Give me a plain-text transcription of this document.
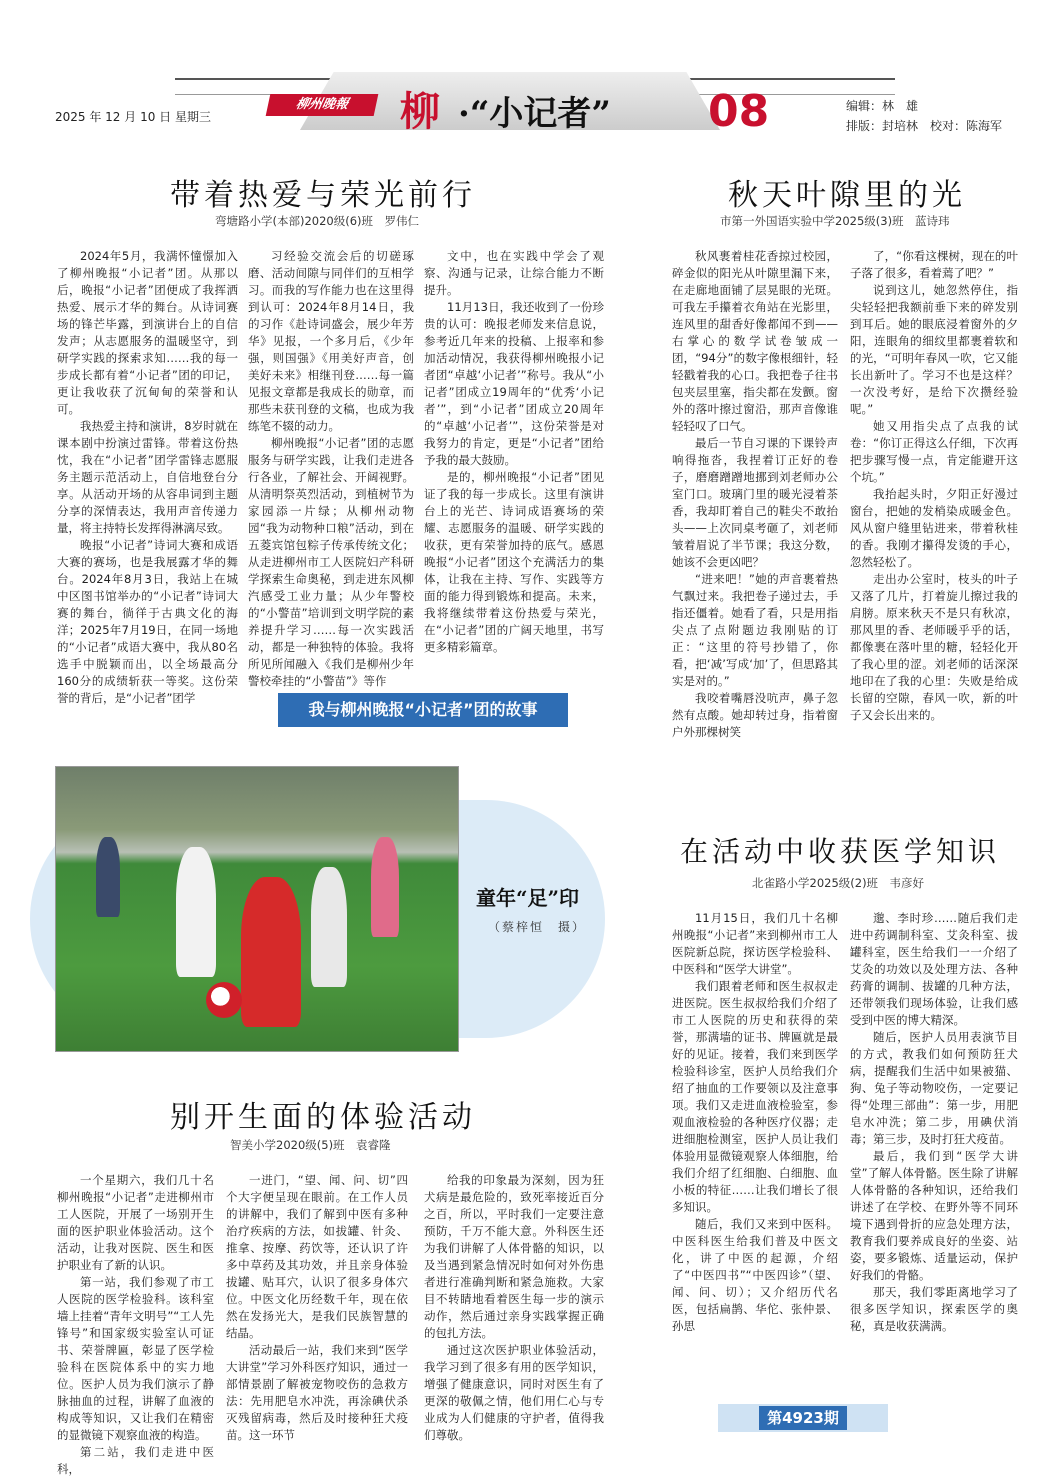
2025 年 12 月 10 日 星期三
柳州晚報	柳 ·“小记者” 08	编辑：林　雄
排版：封培林　校对：陈海军
带着热爱与荣光前行
弯塘路小学(本部)2020级(6)班　罗伟仁

2024年5月，我满怀憧憬加入了柳州晚报“小记者”团。从那以后，晚报“小记者”团便成了我挥洒热爱、展示才华的舞台。从诗词赛场的锋芒毕露，到演讲台上的自信发声；从志愿服务的温暖坚守，到研学实践的探索求知……我的每一步成长都有着“小记者”团的印记，更让我收获了沉甸甸的荣誉和认可。

我热爱主持和演讲，8岁时就在课本剧中扮演过雷锋。带着这份热忱，我在“小记者”团学雷锋志愿服务主题示范活动上，自信地登台分享。从活动开场的从容串词到主题分享的深情表达，我用声音传递力量，将主持特长发挥得淋漓尽致。

晚报“小记者”诗词大赛和成语大赛的赛场，也是我展露才华的舞台。2024年8月3日，我站上在城中区图书馆举办的“小记者”诗词大赛的舞台，徜徉于古典文化的海洋；2025年7月19日，在同一场地的“小记者”成语大赛中，我从80名选手中脱颖而出，以全场最高分160分的成绩斩获一等奖。这份荣誉的背后，是“小记者”团学

习经验交流会后的切磋琢磨、活动间隙与同伴们的互相学习。而我的写作能力也在这里得到认可：2024年8月14日，我的习作《赴诗词盛会，展少年芳华》见报，一个多月后，《少年强，则国强》《用美好声音，创美好未来》相继刊登……每一篇见报文章都是我成长的勋章，而那些未获刊登的文稿，也成为我练笔不辍的动力。

柳州晚报“小记者”团的志愿服务与研学实践，让我们走进各行各业，了解社会、开阔视野。从清明祭英烈活动，到植树节为家园添一片绿；从柳州动物园“我为动物种口粮”活动，到在五菱宾馆包粽子传承传统文化；从走进柳州市工人医院妇产科研学探索生命奥秘，到走进东风柳汽感受工业力量；从少年警校的“小警苗”培训到文明学院的素养提升学习……每一次实践活动，都是一种独特的体验。我将所见所闻融入《我们是柳州少年警校牵挂的“小警苗”》等作

文中，也在实践中学会了观察、沟通与记录，让综合能力不断提升。

11月13日，我还收到了一份珍贵的认可：晚报老师发来信息说，参考近几年来的投稿、上报率和参加活动情况，我获得柳州晚报小记者团“卓越‘小记者’”称号。我从“小记者”团成立19周年的“优秀‘小记者’”，到“小记者”团成立20周年的“卓越‘小记者’”，这份荣誉是对我努力的肯定，更是“小记者”团给予我的最大鼓励。

是的，柳州晚报“小记者”团见证了我的每一步成长。这里有演讲台上的光芒、诗词成语赛场的荣耀、志愿服务的温暖、研学实践的收获，更有荣誉加持的底气。感恩晚报“小记者”团这个充满活力的集体，让我在主持、写作、实践等方面的能力得到锻炼和提高。未来，我将继续带着这份热爱与荣光，在“小记者”团的广阔天地里，书写更多精彩篇章。

我与柳州晚报“小记者”团的故事
秋天叶隙里的光
市第一外国语实验中学2025级(3)班　蓝诗玮

秋风裹着桂花香掠过校园，碎金似的阳光从叶隙里漏下来，在走廊地面铺了层晃眼的光斑。可我左手攥着衣角站在光影里，连风里的甜香好像都闻不到——右掌心的数学试卷皱成一团，“94分”的数字像根细针，轻轻戳着我的心口。我把卷子往书包夹层里塞，指尖都在发颤。窗外的落叶擦过窗沿，那声音像谁轻轻叹了口气。

最后一节自习课的下课铃声响得拖沓，我捏着订正好的卷子，磨磨蹭蹭地挪到刘老师办公室门口。玻璃门里的暖光浸着茶香，我却盯着自己的鞋尖不敢抬头——上次同桌考砸了，刘老师皱着眉说了半节课；我这分数，她该不会更凶吧？

“进来吧！”她的声音裹着热气飘过来。我把卷子递过去，手指还僵着。她看了看，只是用指尖点了点附题边我刚贴的订正：“这里的符号抄错了，你看，把‘减’写成‘加’了，但思路其实是对的。”

我咬着嘴唇没吭声，鼻子忽然有点酸。她却转过身，指着窗户外那棵树笑

了，“你看这棵树，现在的叶子落了很多，看着蔫了吧？”

说到这儿，她忽然停住，指尖轻轻把我额前垂下来的碎发别到耳后。她的眼底浸着窗外的夕阳，连眼角的细纹里都裹着软和的光，“可明年春风一吹，它又能长出新叶了。学习不也是这样？一次没考好，是给下次攒经验呢。”

她又用指尖点了点我的试卷：“你订正得这么仔细，下次再把步骤写慢一点，肯定能避开这个坑。”

我抬起头时，夕阳正好漫过窗台，把她的发梢染成暖金色。风从窗户缝里钻进来，带着秋桂的香。我刚才攥得发烫的手心，忽然轻松了。

走出办公室时，枝头的叶子又落了几片，打着旋儿擦过我的肩膀。原来秋天不是只有秋凉，那风里的香、老师暖乎乎的话，都像裹在落叶里的糖，轻轻化开了我心里的涩。刘老师的话深深地印在了我的心里：失败是给成长留的空隙，春风一吹，新的叶子又会长出来的。

童年“足”印
（蔡梓恒　摄）
在活动中收获医学知识
北雀路小学2025级(2)班　韦彦好

11月15日，我们几十名柳州晚报“小记者”来到柳州市工人医院新总院，探访医学检验科、中医科和“医学大讲堂”。

我们跟着老师和医生叔叔走进医院。医生叔叔给我们介绍了市工人医院的历史和获得的荣誉，那满墙的证书、牌匾就是最好的见证。接着，我们来到医学检验科诊室，医护人员给我们介绍了抽血的工作要领以及注意事项。我们又走进血液检验室，参观血液检验的各种医疗仪器；走进细胞检测室，医护人员让我们体验用显微镜观察人体细胞，给我们介绍了红细胞、白细胞、血小板的特征……让我们增长了很多知识。

随后，我们又来到中医科。中医科医生给我们普及中医文化，讲了中医的起源，介绍了“中医四书”“中医四诊”（望、闻、问、切）；又介绍历代名医，包括扁鹊、华佗、张仲景、孙思

邈、李时珍……随后我们走进中药调制科室、艾灸科室、拔罐科室，医生给我们一一介绍了艾灸的功效以及处理方法、各种药膏的调制、拔罐的几种方法，还带领我们现场体验，让我们感受到中医的博大精深。

随后，医护人员用表演节目的方式，教我们如何预防狂犬病，提醒我们生活中如果被猫、狗、兔子等动物咬伤，一定要记得“处理三部曲”：第一步，用肥皂水冲洗；第二步，用碘伏消毒；第三步，及时打狂犬疫苗。

最后，我们到“医学大讲堂”了解人体骨骼。医生除了讲解人体骨骼的各种知识，还给我们讲述了在学校、在野外等不同环境下遇到骨折的应急处理方法，教育我们要养成良好的坐姿、站姿，要多锻炼、适量运动，保护好我们的骨骼。

那天，我们零距离地学习了很多医学知识，探索医学的奥秘，真是收获满满。

别开生面的体验活动
智美小学2020级(5)班　袁睿隆

一个星期六，我们几十名柳州晚报“小记者”走进柳州市工人医院，开展了一场别开生面的医护职业体验活动。这个活动，让我对医院、医生和医护职业有了新的认识。

第一站，我们参观了市工人医院的医学检验科。该科室墙上挂着“青年文明号”“工人先锋号”和国家级实验室认可证书、荣誉牌匾，彰显了医学检验科在医院体系中的实力地位。医护人员为我们演示了静脉抽血的过程，讲解了血液的构成等知识，又让我们在精密的显微镜下观察血液的构造。

第二站，我们走进中医科，

一进门，“望、闻、问、切”四个大字便呈现在眼前。在工作人员的讲解中，我们了解到中医有多种治疗疾病的方法，如拔罐、针灸、推拿、按摩、药饮等，还认识了许多中草药及其功效，并且亲身体验拔罐、贴耳穴，认识了很多身体穴位。中医文化历经数千年，现在依然在发扬光大，是我们民族智慧的结晶。

活动最后一站，我们来到“医学大讲堂”学习外科医疗知识，通过一部情景剧了解被宠物咬伤的急救方法：先用肥皂水冲洗，再涂碘伏杀灭残留病毒，然后及时接种狂犬疫苗。这一环节

给我的印象最为深刻，因为狂犬病是最危险的，致死率接近百分之百，所以，平时我们一定要注意预防，千万不能大意。外科医生还为我们讲解了人体骨骼的知识，以及当遇到紧急情况时如何对外伤患者进行准确判断和紧急施救。大家目不转睛地看着医生每一步的演示动作，然后通过亲身实践掌握正确的包扎方法。

通过这次医护职业体验活动，我学习到了很多有用的医学知识，增强了健康意识，同时对医生有了更深的敬佩之情，他们用仁心与专业成为人们健康的守护者，值得我们尊敬。

第4923期
